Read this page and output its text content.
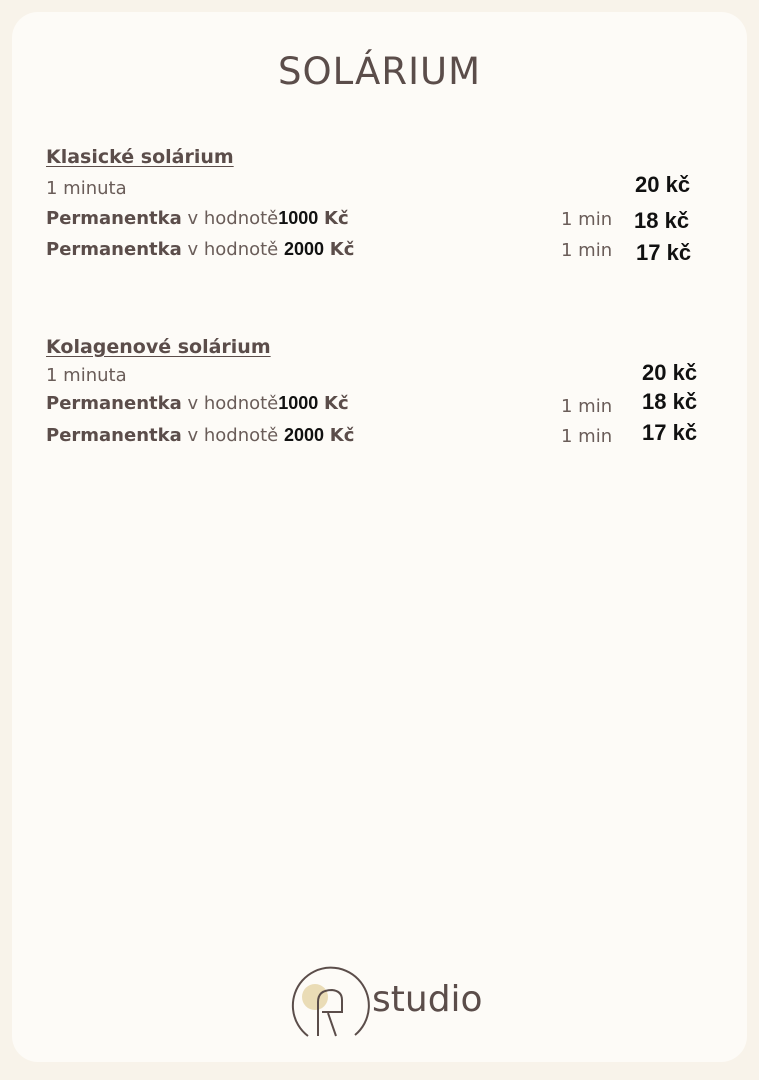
SOLÁRIUM
Klasické solárium
1 minuta	20 kč
Permanentka v hodnotě1000 Kč	1 min 18 kč
Permanentka v hodnotě 2000 Kč	1 min 17 kč
Kolagenové solárium
1 minuta	20 kč
Permanentka v hodnotě1000 Kč	1 min 18 kč
Permanentka v hodnotě 2000 Kč	1 min 17 kč
studio
